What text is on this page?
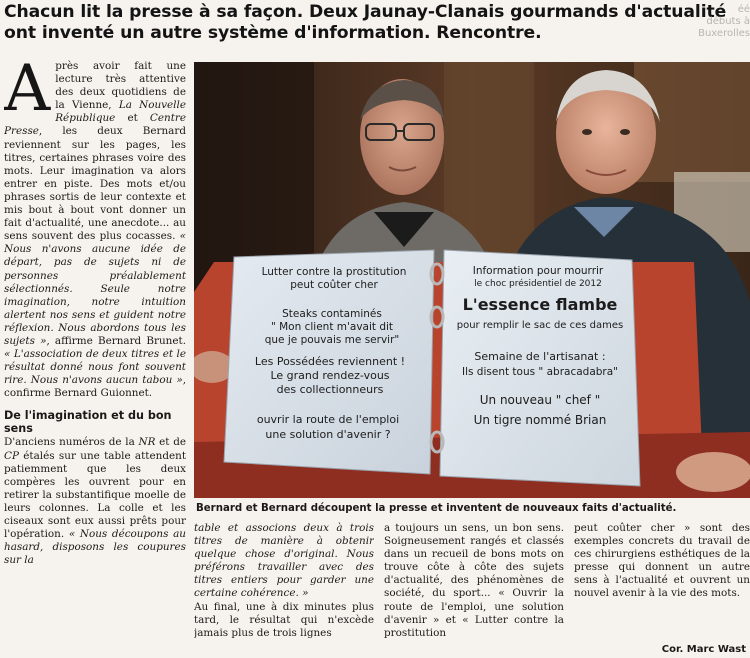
Chacun lit la presse à sa façon. Deux Jaunay-Clanais gourmands d'actualité ont inventé un autre système d'information. Rencontre.
éé
débuts à Buxerolles

Après avoir fait une lecture très attentive des deux quotidiens de la Vienne, La Nouvelle République et Centre Presse, les deux Bernard reviennent sur les pages, les titres, certaines phrases voire des mots. Leur imagination va alors entrer en piste. Des mots et/ou phrases sortis de leur contexte et mis bout à bout vont donner un fait d'actualité, une anecdote... au sens souvent des plus cocasses. « Nous n'avons aucune idée de départ, pas de sujets ni de personnes préalablement sélectionnés. Seule notre imagination, notre intuition alertent nos sens et guident notre réflexion. Nous abordons tous les sujets », affirme Bernard Brunet. « L'association de deux titres et le résultat donné nous font souvent rire. Nous n'avons aucun tabou », confirme Bernard Guionnet.

De l'imagination et du bon sens

D'anciens numéros de la NR et de CP étalés sur une table attendent patiemment que les deux compères les ouvrent pour en retirer la substantifique moelle de leurs colonnes. La colle et les ciseaux sont eux aussi prêts pour l'opération. « Nous découpons au hasard, disposons les coupures sur la

Lutter contre la prostitution
peut coûter cher
Steaks contaminés
" Mon client m'avait dit
que je pouvais me servir"
Les Possédées reviennent !
Le grand rendez-vous
des collectionneurs
ouvrir la route de l'emploi
une solution d'avenir ?
Information pour mourrir
le choc présidentiel de 2012
L'essence flambe
pour remplir le sac de ces dames
Semaine de l'artisanat :
Ils disent tous " abracadabra"
Un nouveau " chef "
Un tigre nommé Brian
Bernard et Bernard découpent la presse et inventent de nouveaux faits d'actualité.
table et associons deux à trois titres de manière à obtenir quelque chose d'original. Nous préférons travailler avec des titres entiers pour garder une certaine cohérence. »
Au final, une à dix minutes plus tard, le résultat qui n'excède jamais plus de trois lignes
a toujours un sens, un bon sens. Soigneusement rangés et classés dans un recueil de bons mots on trouve côte à côte des sujets d'actualité, des phénomènes de société, du sport... « Ouvrir la route de l'emploi, une solution d'avenir » et « Lutter contre la prostitution
peut coûter cher » sont des exemples concrets du travail de ces chirurgiens esthétiques de la presse qui donnent un autre sens à l'actualité et ouvrent un nouvel avenir à la vie des mots.
Cor. Marc Wast
